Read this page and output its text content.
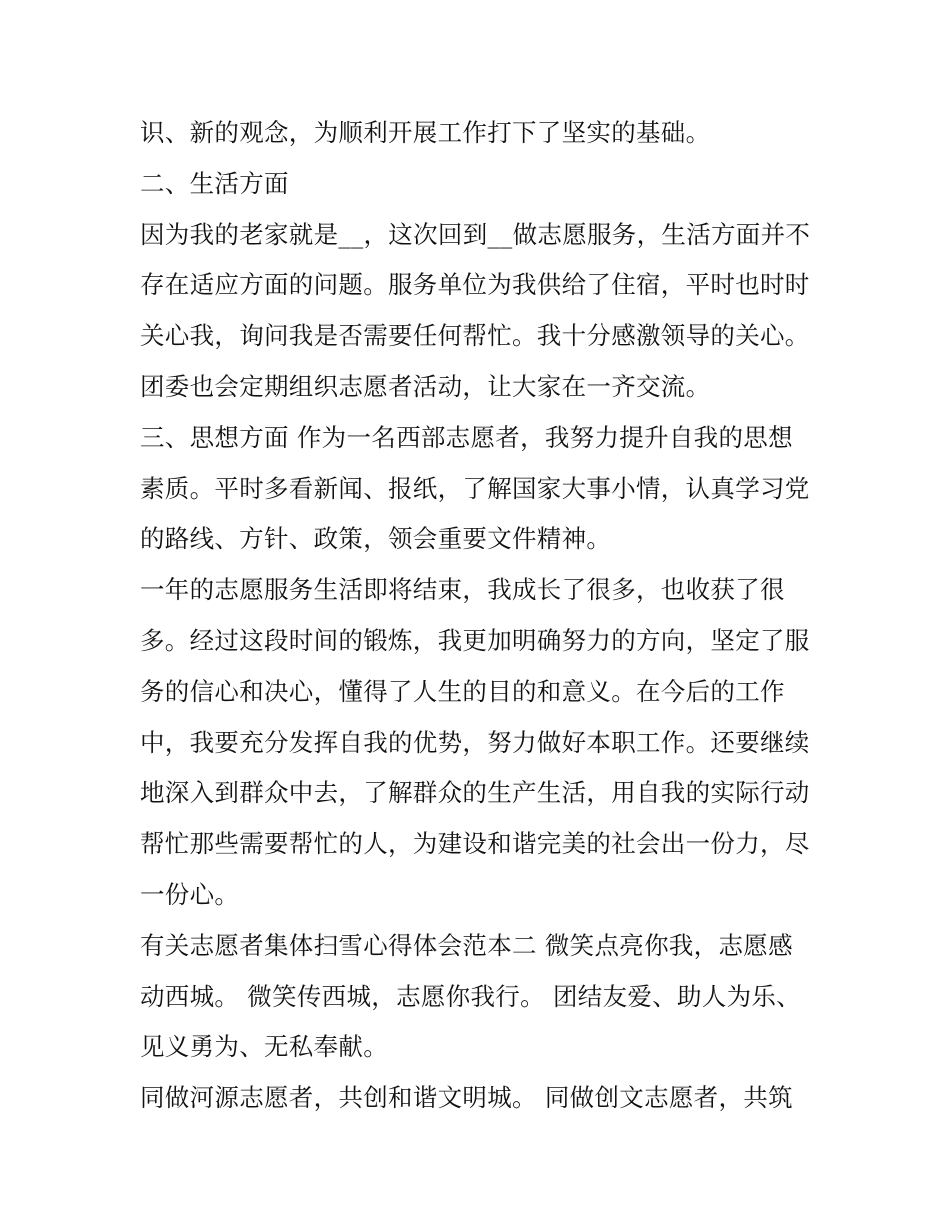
识、新的观念，为顺利开展工作打下了坚实的基础。
二、生活方面
因为我的老家就是__，这次回到__做志愿服务，生活方面并不
存在适应方面的问题。服务单位为我供给了住宿，平时也时时
关心我，询问我是否需要任何帮忙。我十分感激领导的关心。
团委也会定期组织志愿者活动，让大家在一齐交流。
三、思想方面 作为一名西部志愿者，我努力提升自我的思想
素质。平时多看新闻、报纸，了解国家大事小情，认真学习党
的路线、方针、政策，领会重要文件精神。
一年的志愿服务生活即将结束，我成长了很多，也收获了很
多。经过这段时间的锻炼，我更加明确努力的方向，坚定了服
务的信心和决心，懂得了人生的目的和意义。在今后的工作
中，我要充分发挥自我的优势，努力做好本职工作。还要继续
地深入到群众中去，了解群众的生产生活，用自我的实际行动
帮忙那些需要帮忙的人，为建设和谐完美的社会出一份力，尽
一份心。
有关志愿者集体扫雪心得体会范本二 微笑点亮你我，志愿感
动西城。 微笑传西城，志愿你我行。 团结友爱、助人为乐、
见义勇为、无私奉献。
同做河源志愿者，共创和谐文明城。 同做创文志愿者，共筑
